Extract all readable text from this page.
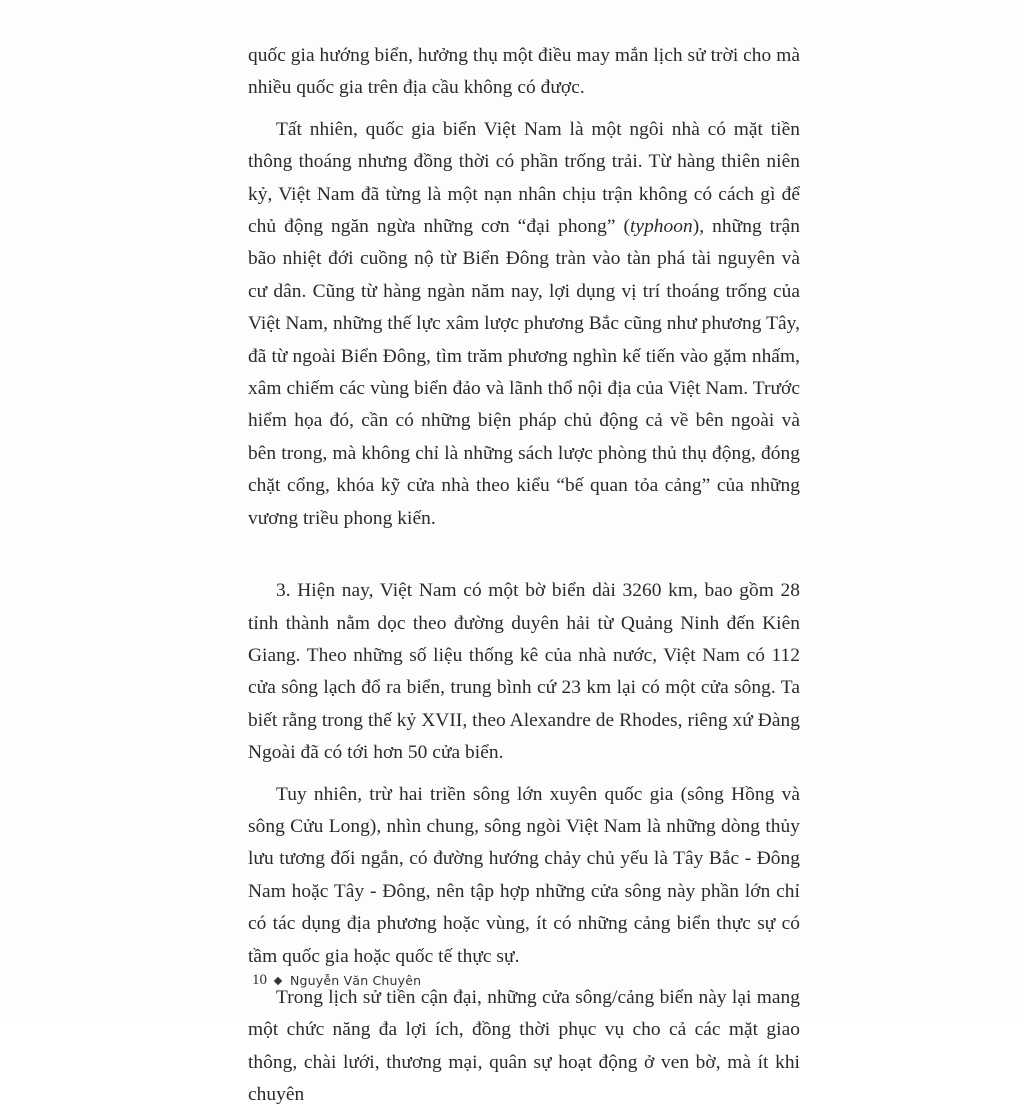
quốc gia hướng biển, hưởng thụ một điều may mắn lịch sử trời cho mà nhiều quốc gia trên địa cầu không có được.

Tất nhiên, quốc gia biển Việt Nam là một ngôi nhà có mặt tiền thông thoáng nhưng đồng thời có phần trống trải. Từ hàng thiên niên kỷ, Việt Nam đã từng là một nạn nhân chịu trận không có cách gì để chủ động ngăn ngừa những cơn “đại phong” (typhoon), những trận bão nhiệt đới cuồng nộ từ Biển Đông tràn vào tàn phá tài nguyên và cư dân. Cũng từ hàng ngàn năm nay, lợi dụng vị trí thoáng trống của Việt Nam, những thế lực xâm lược phương Bắc cũng như phương Tây, đã từ ngoài Biển Đông, tìm trăm phương nghìn kế tiến vào gặm nhấm, xâm chiếm các vùng biển đảo và lãnh thổ nội địa của Việt Nam. Trước hiểm họa đó, cần có những biện pháp chủ động cả về bên ngoài và bên trong, mà không chỉ là những sách lược phòng thủ thụ động, đóng chặt cổng, khóa kỹ cửa nhà theo kiểu “bế quan tỏa cảng” của những vương triều phong kiến.

3. Hiện nay, Việt Nam có một bờ biển dài 3260 km, bao gồm 28 tỉnh thành nằm dọc theo đường duyên hải từ Quảng Ninh đến Kiên Giang. Theo những số liệu thống kê của nhà nước, Việt Nam có 112 cửa sông lạch đổ ra biển, trung bình cứ 23 km lại có một cửa sông. Ta biết rằng trong thế kỷ XVII, theo Alexandre de Rhodes, riêng xứ Đàng Ngoài đã có tới hơn 50 cửa biển.

Tuy nhiên, trừ hai triền sông lớn xuyên quốc gia (sông Hồng và sông Cửu Long), nhìn chung, sông ngòi Việt Nam là những dòng thủy lưu tương đối ngắn, có đường hướng chảy chủ yếu là Tây Bắc - Đông Nam hoặc Tây - Đông, nên tập hợp những cửa sông này phần lớn chỉ có tác dụng địa phương hoặc vùng, ít có những cảng biển thực sự có tầm quốc gia hoặc quốc tế thực sự.

Trong lịch sử tiền cận đại, những cửa sông/cảng biển này lại mang một chức năng đa lợi ích, đồng thời phục vụ cho cả các mặt giao thông, chài lưới, thương mại, quân sự hoạt động ở ven bờ, mà ít khi chuyên

10 Nguyễn Văn Chuyên
